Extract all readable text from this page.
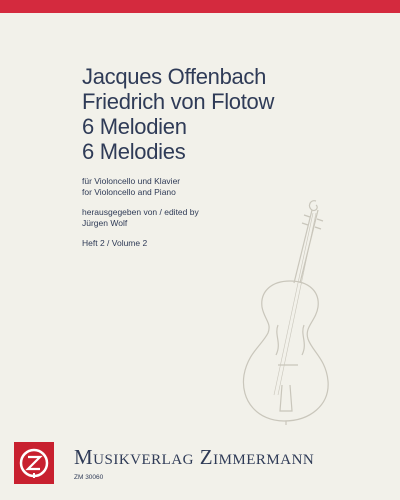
Jacques Offenbach
Friedrich von Flotow
6 Melodien
6 Melodies
für Violoncello und Klavier
for Violoncello and Piano
herausgegeben von / edited by
Jürgen Wolf
Heft 2 / Volume 2
Musikverlag Zimmermann
ZM 30060
